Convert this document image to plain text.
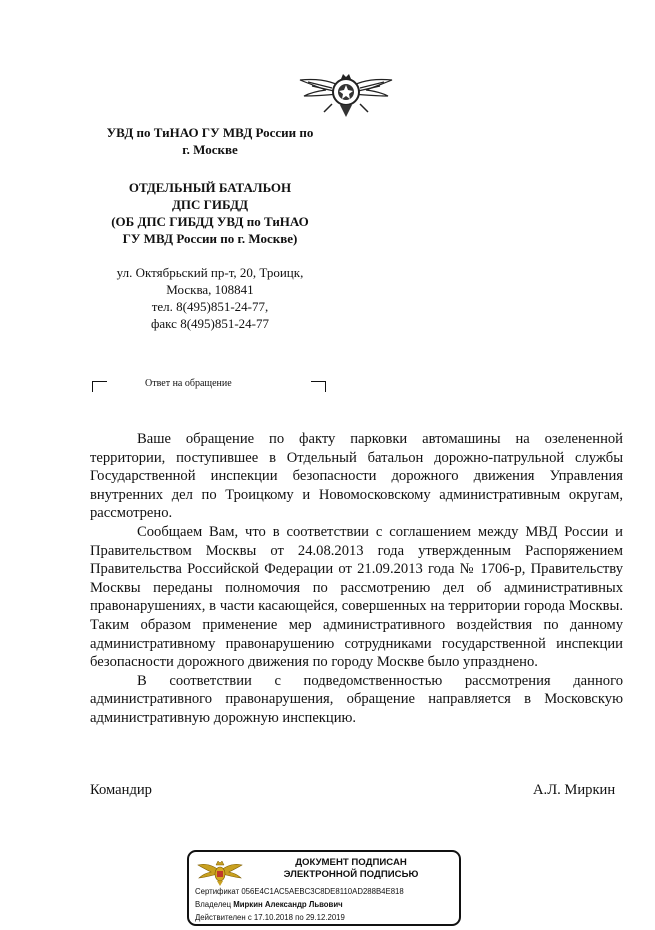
УВД по ТиНАО ГУ МВД России по
г. Москве
ОТДЕЛЬНЫЙ БАТАЛЬОН
ДПС ГИБДД
(ОБ ДПС ГИБДД УВД по ТиНАО
ГУ МВД России по г. Москве)
ул. Октябрьский пр-т, 20, Троицк,
Москва, 108841
тел. 8(495)851-24-77,
факс 8(495)851-24-77
Ответ на обращение

Ваше обращение по факту парковки автомашины на озелененной территории, поступившее в Отдельный батальон дорожно-патрульной службы Государственной инспекции безопасности дорожного движения Управления внутренних дел по Троицкому и Новомосковскому административным округам, рассмотрено.

Сообщаем Вам, что в соответствии с соглашением между МВД России и Правительством Москвы от 24.08.2013 года утвержденным Распоряжением Правительства Российской Федерации от 21.09.2013 года № 1706-р, Правительству Москвы переданы полномочия по рассмотрению дел об административных правонарушениях, в части касающейся, совершенных на территории города Москвы. Таким образом применение мер административного воздействия по данному административному правонарушению сотрудниками государственной инспекции безопасности дорожного движения по городу Москве было упразднено.

В соответствии с подведомственностью рассмотрения данного административного правонарушения, обращение направляется в Московскую административную дорожную инспекцию.

Командир	А.Л. Миркин
ДОКУМЕНТ ПОДПИСАН
ЭЛЕКТРОННОЙ ПОДПИСЬЮ
Сертификат 056E4C1AC5AEBC3C8DE8110AD288B4E818
Владелец Миркин Александр Львович
Действителен с 17.10.2018 по 29.12.2019
